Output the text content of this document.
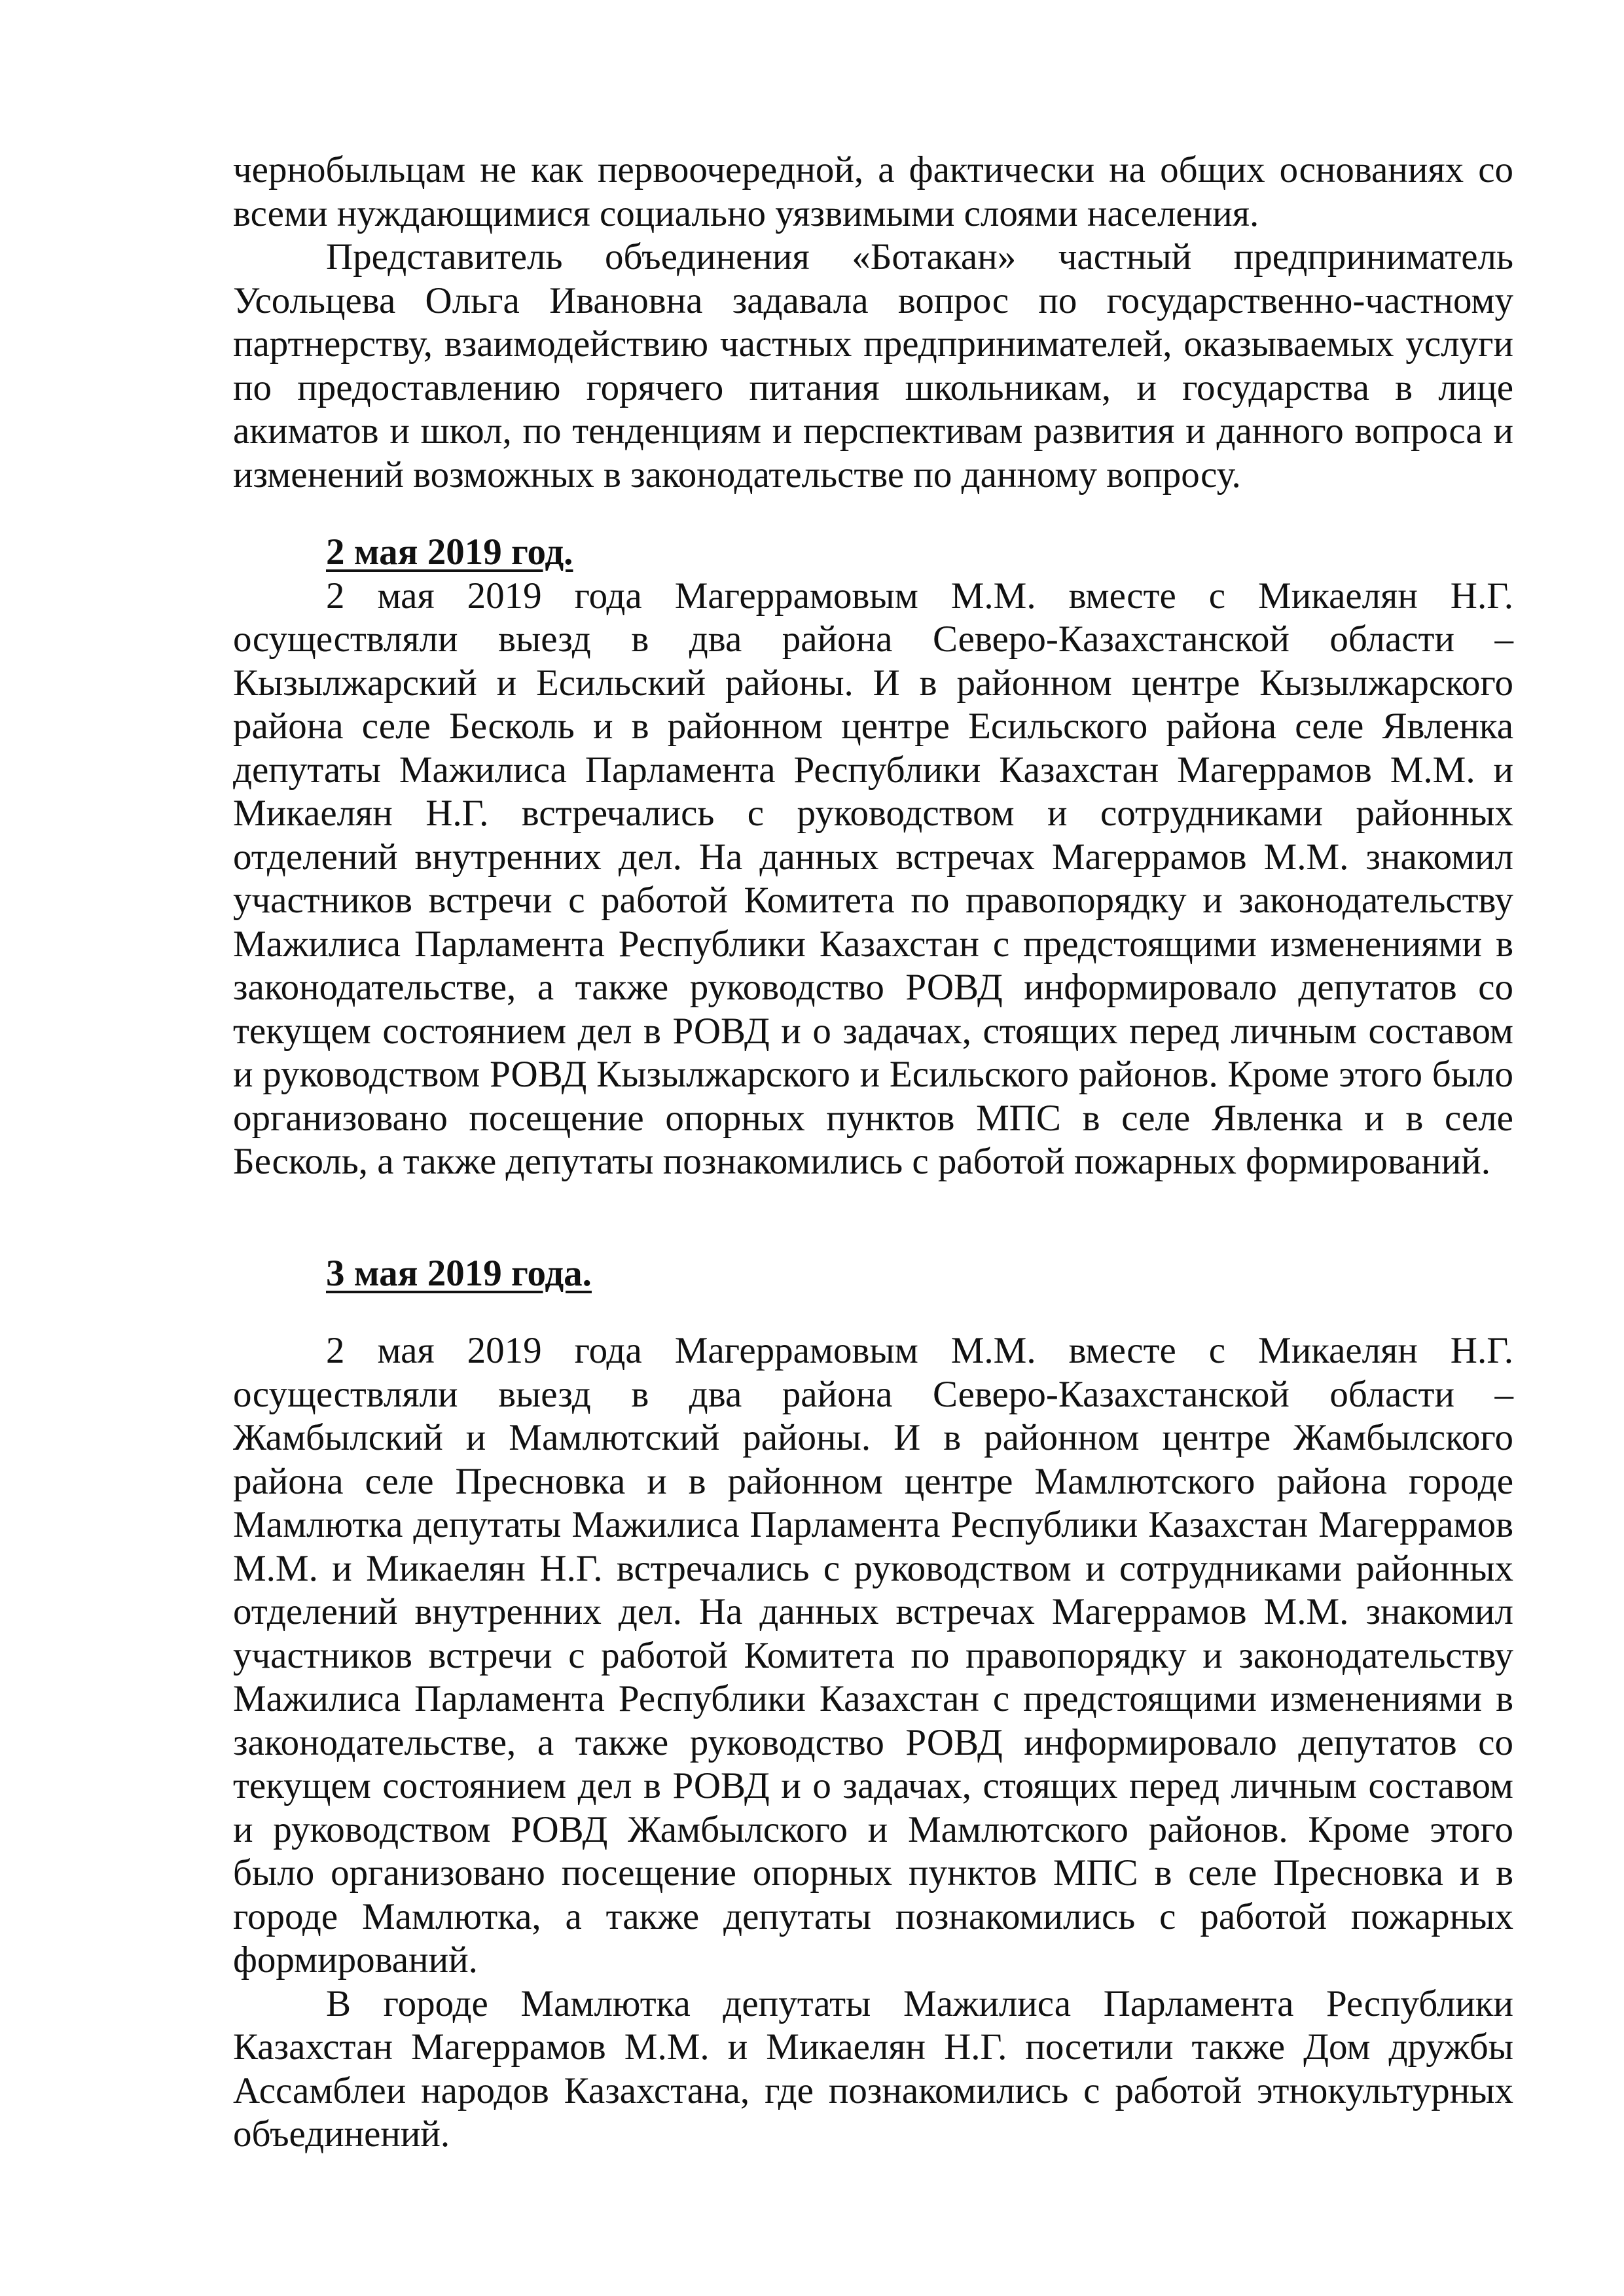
чернобыльцам не как первоочередной, а фактически на общих основаниях со всеми нуждающимися социально уязвимыми слоями населения.

Представитель объединения «Ботакан» частный предприниматель Усольцева Ольга Ивановна задавала вопрос по государственно-частному партнерству, взаимодействию частных предпринимателей, оказываемых услуги по предоставлению горячего питания школьникам, и государства в лице акиматов и школ, по тенденциям и перспективам развития и данного вопроса и изменений возможных в законодательстве по данному вопросу.

2 мая 2019 год.

2 мая 2019 года Магеррамовым М.М. вместе с Микаелян Н.Г. осуществляли выезд в два района Северо-Казахстанской области – Кызылжарский и Есильский районы. И в районном центре Кызылжарского района селе Бесколь и в районном центре Есильского района селе Явленка депутаты Мажилиса Парламента Республики Казахстан Магеррамов М.М. и Микаелян Н.Г. встречались с руководством и сотрудниками районных отделений внутренних дел. На данных встречах Магеррамов М.М. знакомил участников встречи с работой Комитета по правопорядку и законодательству Мажилиса Парламента Республики Казахстан с предстоящими изменениями в законодательстве, а также руководство РОВД информировало депутатов со текущем состоянием дел в РОВД и о задачах, стоящих перед личным составом и руководством РОВД Кызылжарского и Есильского районов. Кроме этого было организовано посещение опорных пунктов МПС в селе Явленка и в селе Бесколь, а также депутаты познакомились с работой пожарных формирований.

3 мая 2019 года.

2 мая 2019 года Магеррамовым М.М. вместе с Микаелян Н.Г. осуществляли выезд в два района Северо-Казахстанской области – Жамбылский и Мамлютский районы. И в районном центре Жамбылского района селе Пресновка и в районном центре Мамлютского района городе Мамлютка депутаты Мажилиса Парламента Республики Казахстан Магеррамов М.М. и Микаелян Н.Г. встречались с руководством и сотрудниками районных отделений внутренних дел. На данных встречах Магеррамов М.М. знакомил участников встречи с работой Комитета по правопорядку и законодательству Мажилиса Парламента Республики Казахстан с предстоящими изменениями в законодательстве, а также руководство РОВД информировало депутатов со текущем состоянием дел в РОВД и о задачах, стоящих перед личным составом и руководством РОВД Жамбылского и Мамлютского районов. Кроме этого было организовано посещение опорных пунктов МПС в селе Пресновка и в городе Мамлютка, а также депутаты познакомились с работой пожарных формирований.

В городе Мамлютка депутаты Мажилиса Парламента Республики Казахстан Магеррамов М.М. и Микаелян Н.Г. посетили также Дом дружбы Ассамблеи народов Казахстана, где познакомились с работой этнокультурных объединений.
